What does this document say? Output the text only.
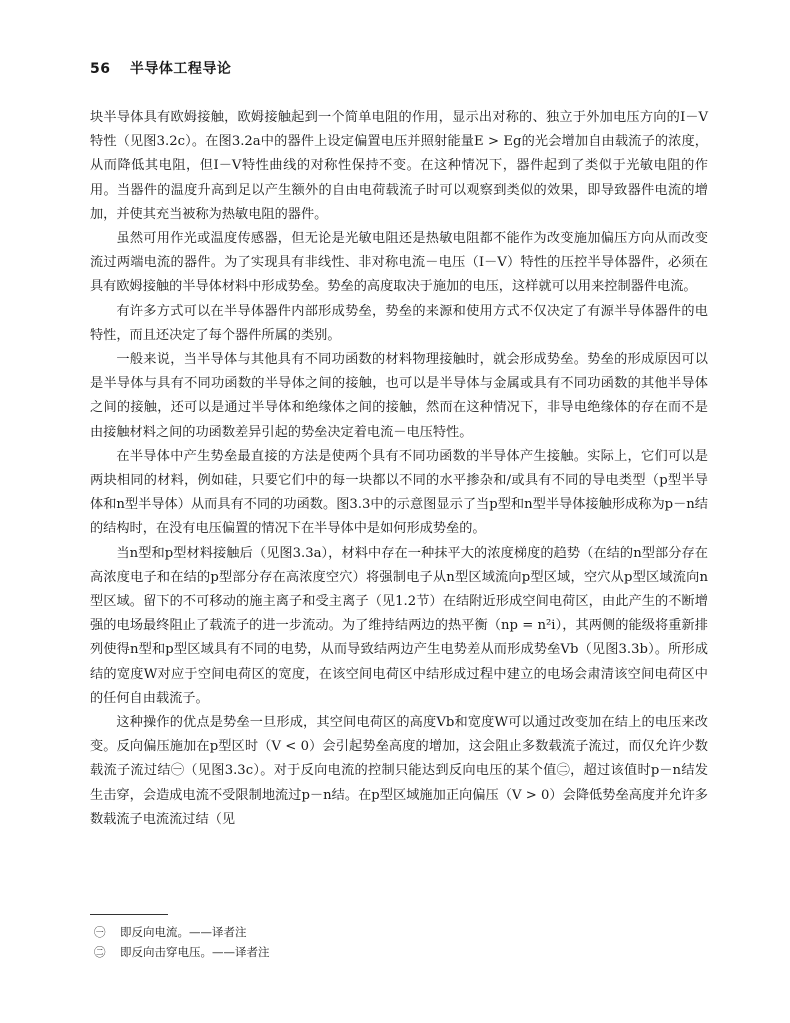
56 半导体工程导论

块半导体具有欧姆接触，欧姆接触起到一个简单电阻的作用，显示出对称的、独立于外加电压方向的I－V特性（见图3.2c）。在图3.2a中的器件上设定偏置电压并照射能量E > Eg的光会增加自由载流子的浓度，从而降低其电阻，但I－V特性曲线的对称性保持不变。在这种情况下，器件起到了类似于光敏电阻的作用。当器件的温度升高到足以产生额外的自由电荷载流子时可以观察到类似的效果，即导致器件电流的增加，并使其充当被称为热敏电阻的器件。

虽然可用作光或温度传感器，但无论是光敏电阻还是热敏电阻都不能作为改变施加偏压方向从而改变流过两端电流的器件。为了实现具有非线性、非对称电流－电压（I－V）特性的压控半导体器件，必须在具有欧姆接触的半导体材料中形成势垒。势垒的高度取决于施加的电压，这样就可以用来控制器件电流。

有许多方式可以在半导体器件内部形成势垒，势垒的来源和使用方式不仅决定了有源半导体器件的电特性，而且还决定了每个器件所属的类别。

一般来说，当半导体与其他具有不同功函数的材料物理接触时，就会形成势垒。势垒的形成原因可以是半导体与具有不同功函数的半导体之间的接触，也可以是半导体与金属或具有不同功函数的其他半导体之间的接触，还可以是通过半导体和绝缘体之间的接触，然而在这种情况下，非导电绝缘体的存在而不是由接触材料之间的功函数差异引起的势垒决定着电流－电压特性。

在半导体中产生势垒最直接的方法是使两个具有不同功函数的半导体产生接触。实际上，它们可以是两块相同的材料，例如硅，只要它们中的每一块都以不同的水平掺杂和/或具有不同的导电类型（p型半导体和n型半导体）从而具有不同的功函数。图3.3中的示意图显示了当p型和n型半导体接触形成称为p－n结的结构时，在没有电压偏置的情况下在半导体中是如何形成势垒的。

当n型和p型材料接触后（见图3.3a），材料中存在一种抹平大的浓度梯度的趋势（在结的n型部分存在高浓度电子和在结的p型部分存在高浓度空穴）将强制电子从n型区域流向p型区域，空穴从p型区域流向n型区域。留下的不可移动的施主离子和受主离子（见1.2节）在结附近形成空间电荷区，由此产生的不断增强的电场最终阻止了载流子的进一步流动。为了维持结两边的热平衡（np = n²i），其两侧的能级将重新排列使得n型和p型区域具有不同的电势，从而导致结两边产生电势差从而形成势垒Vb（见图3.3b）。所形成结的宽度W对应于空间电荷区的宽度，在该空间电荷区中结形成过程中建立的电场会肃清该空间电荷区中的任何自由载流子。

这种操作的优点是势垒一旦形成，其空间电荷区的高度Vb和宽度W可以通过改变加在结上的电压来改变。反向偏压施加在p型区时（V < 0）会引起势垒高度的增加，这会阻止多数载流子流过，而仅允许少数载流子流过结㊀（见图3.3c）。对于反向电流的控制只能达到反向电压的某个值㊁，超过该值时p－n结发生击穿，会造成电流不受限制地流过p－n结。在p型区域施加正向偏压（V > 0）会降低势垒高度并允许多数载流子电流流过结（见

㊀ 即反向电流。——译者注
㊁ 即反向击穿电压。——译者注
